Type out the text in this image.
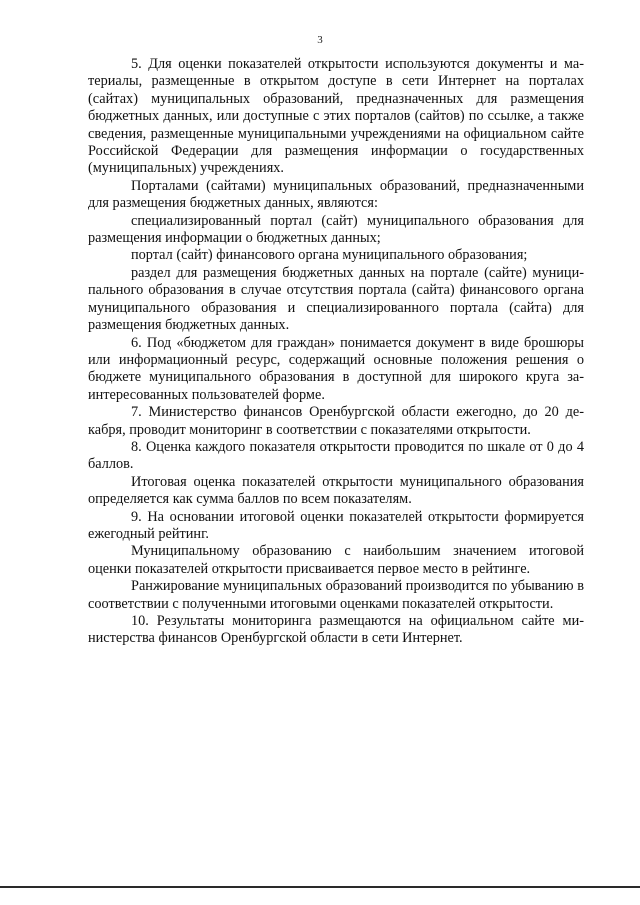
3

5. Для оценки показателей открытости используются документы и материалы, размещенные в открытом доступе в сети Интернет на порталах (сайтах) муниципальных образований, предназначенных для размещения бюджетных данных, или доступные с этих порталов (сайтов) по ссылке, а также сведения, размещенные муниципальными учреждениями на официальном сайте Российской Федерации для размещения информации о государственных (муниципальных) учреждениях.

Порталами (сайтами) муниципальных образований, предназначенными для размещения бюджетных данных, являются:

специализированный портал (сайт) муниципального образования для размещения информации о бюджетных данных;

портал (сайт) финансового органа муниципального образования;

раздел для размещения бюджетных данных на портале (сайте) муниципального образования в случае отсутствия портала (сайта) финансового органа муниципального образования и специализированного портала (сайта) для размещения бюджетных данных.

6. Под «бюджетом для граждан» понимается документ в виде брошюры или информационный ресурс, содержащий основные положения решения о бюджете муниципального образования в доступной для широкого круга заинтересованных пользователей форме.

7. Министерство финансов Оренбургской области ежегодно, до 20 декабря, проводит мониторинг в соответствии с показателями открытости.

8. Оценка каждого показателя открытости проводится по шкале от 0 до 4 баллов.

Итоговая оценка показателей открытости муниципального образования определяется как сумма баллов по всем показателям.

9. На основании итоговой оценки показателей открытости формируется ежегодный рейтинг.

Муниципальному образованию с наибольшим значением итоговой оценки показателей открытости присваивается первое место в рейтинге.

Ранжирование муниципальных образований производится по убыванию в соответствии с полученными итоговыми оценками показателей открытости.

10. Результаты мониторинга размещаются на официальном сайте министерства финансов Оренбургской области в сети Интернет.
